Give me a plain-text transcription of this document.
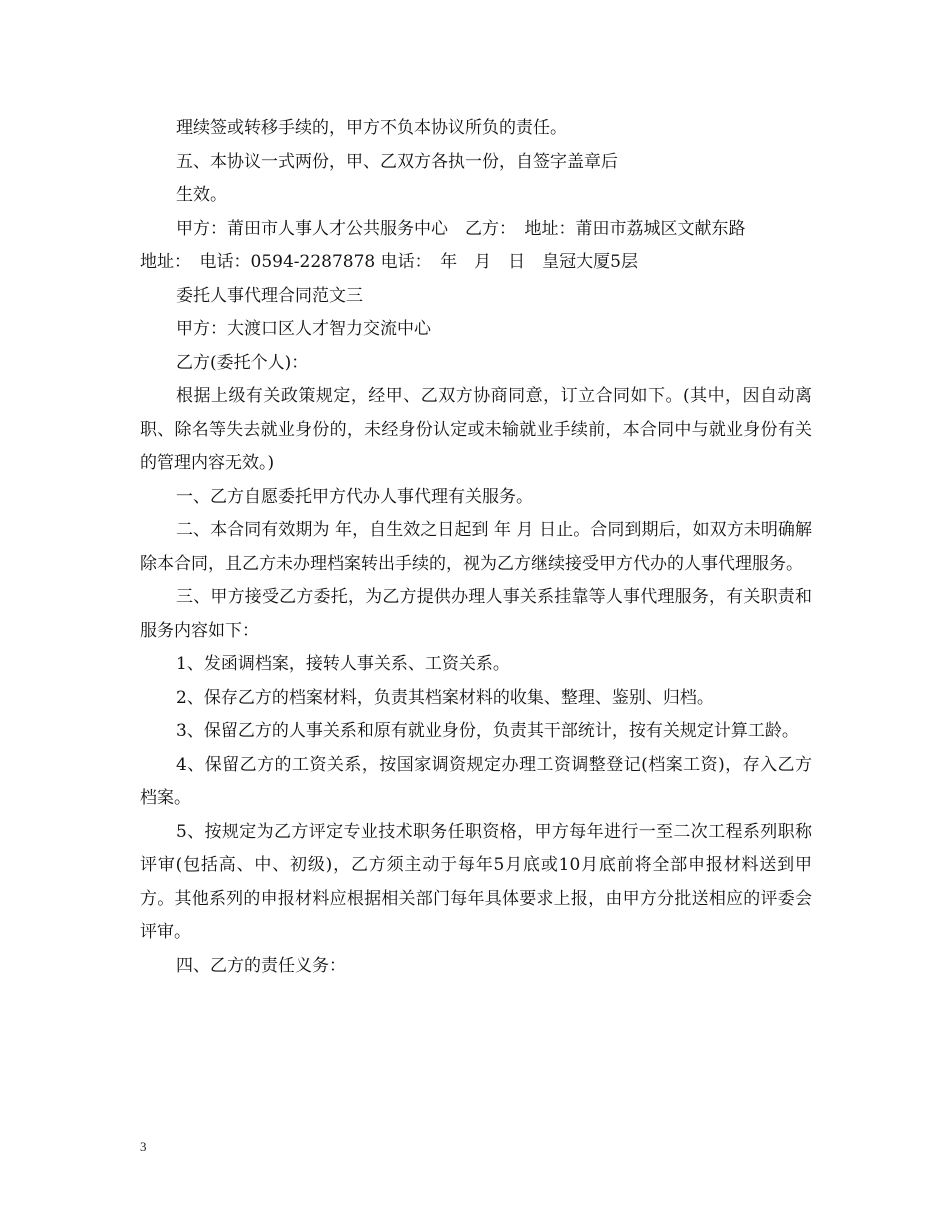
理续签或转移手续的，甲方不负本协议所负的责任。

五、本协议一式两份，甲、乙双方各执一份，自签字盖章后

生效。

甲方：莆田市人事人才公共服务中心　乙方：　地址：莆田市荔城区文献东路

地址：　电话：0594-2287878 电话：　年　月　日　皇冠大厦5层

委托人事代理合同范文三

甲方：大渡口区人才智力交流中心

乙方(委托个人)：

根据上级有关政策规定，经甲、乙双方协商同意，订立合同如下。(其中，因自动离职、除名等失去就业身份的，未经身份认定或未输就业手续前，本合同中与就业身份有关的管理内容无效。)

一、乙方自愿委托甲方代办人事代理有关服务。

二、本合同有效期为 年，自生效之日起到 年 月 日止。合同到期后，如双方未明确解除本合同，且乙方未办理档案转出手续的，视为乙方继续接受甲方代办的人事代理服务。

三、甲方接受乙方委托，为乙方提供办理人事关系挂靠等人事代理服务，有关职责和服务内容如下：

1、发函调档案，接转人事关系、工资关系。

2、保存乙方的档案材料，负责其档案材料的收集、整理、鉴别、归档。

3、保留乙方的人事关系和原有就业身份，负责其干部统计，按有关规定计算工龄。

4、保留乙方的工资关系，按国家调资规定办理工资调整登记(档案工资)，存入乙方档案。

5、按规定为乙方评定专业技术职务任职资格，甲方每年进行一至二次工程系列职称评审(包括高、中、初级)，乙方须主动于每年5月底或10月底前将全部申报材料送到甲方。其他系列的申报材料应根据相关部门每年具体要求上报，由甲方分批送相应的评委会评审。

四、乙方的责任义务：

3
